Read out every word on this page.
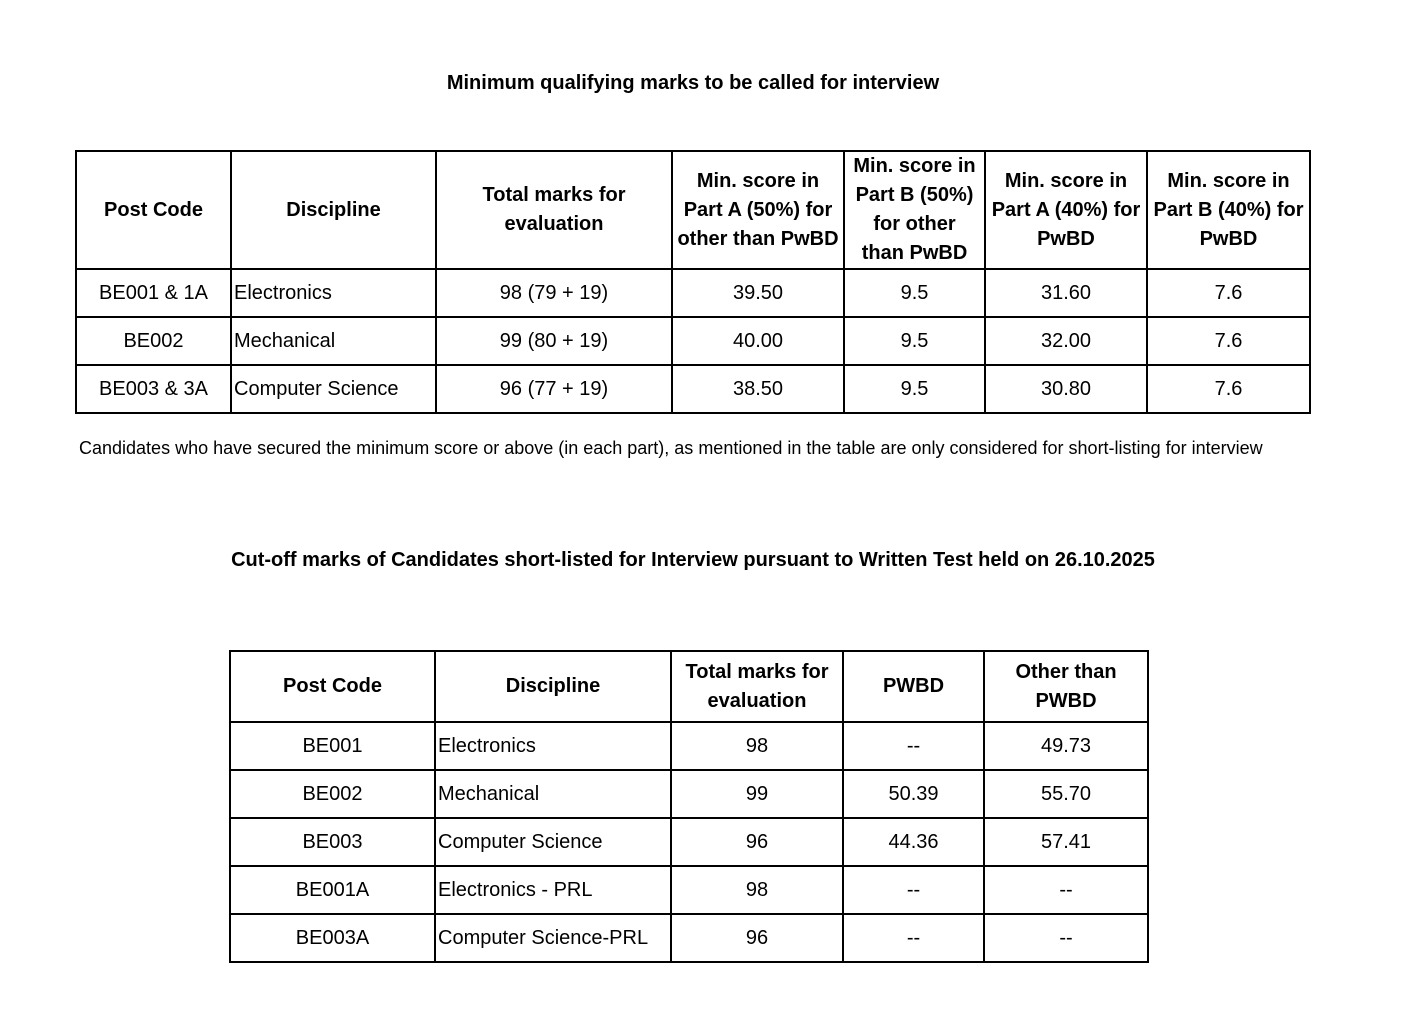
Minimum qualifying marks to be called for interview
Post Code	Discipline	Total marks for evaluation	Min. score in Part A (50%) for other than PwBD	Min. score in Part B (50%) for other than PwBD	Min. score in Part A (40%) for PwBD	Min. score in Part B (40%) for PwBD
BE001 & 1A	Electronics	98 (79 + 19)	39.50	9.5	31.60	7.6
BE002	Mechanical	99 (80 + 19)	40.00	9.5	32.00	7.6
BE003 & 3A	Computer Science	96 (77 + 19)	38.50	9.5	30.80	7.6
Candidates who have secured the minimum score or above (in each part), as mentioned in the table are only considered for short-listing for interview
Cut-off marks of Candidates short-listed for Interview pursuant to Written Test held on 26.10.2025
Post Code	Discipline	Total marks for evaluation	PWBD	Other than PWBD
BE001	Electronics	98	--	49.73
BE002	Mechanical	99	50.39	55.70
BE003	Computer Science	96	44.36	57.41
BE001A	Electronics - PRL	98	--	--
BE003A	Computer Science-PRL	96	--	--
